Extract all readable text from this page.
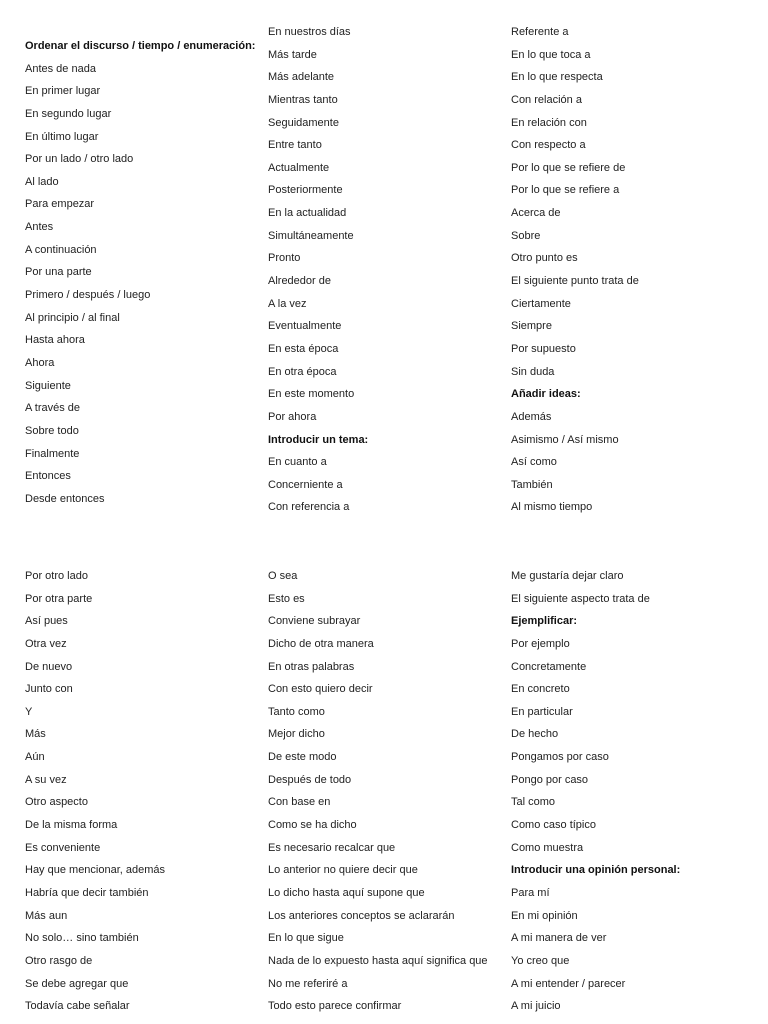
Ordenar el discurso / tiempo / enumeración:
Antes de nada
En primer lugar
En segundo lugar
En último lugar
Por un lado / otro lado
Al lado
Para empezar
Antes
A continuación
Por una parte
Primero / después / luego
Al principio / al final
Hasta ahora
Ahora
Siguiente
A través de
Sobre todo
Finalmente
Entonces
Desde entonces
En nuestros días
Más tarde
Más adelante
Mientras tanto
Seguidamente
Entre tanto
Actualmente
Posteriormente
En la actualidad
Simultáneamente
Pronto
Alrededor de
A la vez
Eventualmente
En esta época
En otra época
En este momento
Por ahora
Introducir un tema:
En cuanto a
Concerniente a
Con referencia a
Referente a
En lo que toca a
En lo que respecta
Con relación a
En relación con
Con respecto a
Por lo que se refiere de
Por lo que se refiere a
Acerca de
Sobre
Otro punto es
El siguiente punto trata de
Ciertamente
Siempre
Por supuesto
Sin duda
Añadir ideas:
Además
Asimismo / Así mismo
Así como
También
Al mismo tiempo
Por otro lado
Por otra parte
Así pues
Otra vez
De nuevo
Junto con
Y
Más
Aún
A su vez
Otro aspecto
De la misma forma
Es conveniente
Hay que mencionar, además
Habría que decir también
Más aun
No solo… sino también
Otro rasgo de
Se debe agregar que
Todavía cabe señalar
O sea
Esto es
Conviene subrayar
Dicho de otra manera
En otras palabras
Con esto quiero decir
Tanto como
Mejor dicho
De este modo
Después de todo
Con base en
Como se ha dicho
Es necesario recalcar que
Lo anterior no quiere decir que
Lo dicho hasta aquí supone que
Los anteriores conceptos se aclararán
En lo que sigue
Nada de lo expuesto hasta aquí significa que
No me referiré a
Todo esto parece confirmar
Me gustaría dejar claro
El siguiente aspecto trata de
Ejemplificar:
Por ejemplo
Concretamente
En concreto
En particular
De hecho
Pongamos por caso
Pongo por caso
Tal como
Como caso típico
Como muestra
Introducir una opinión personal:
Para mí
En mi opinión
A mi manera de ver
Yo creo que
A mi entender / parecer
A mi juicio
